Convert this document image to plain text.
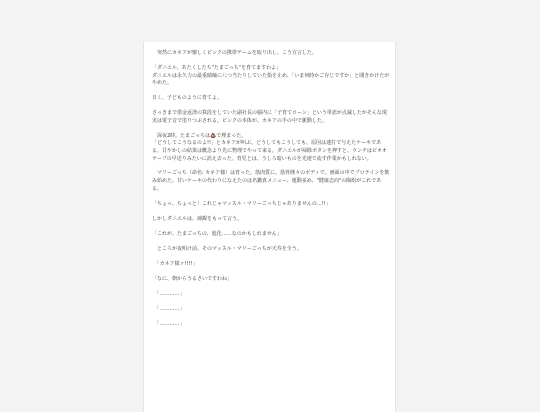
　突然にカネアが懐しくピンクの携帯ゲームを取り出し、こう宣言した。

「ダニエル、あたくしたち"たまごっち"を育てますわよ」
ダニエルは永久力の最重睛瞳に八つ当たりしていた指を止め、「いま何時かご存じですか」と聞きかけたがやめた。

日く、子どものように育てよ。

さっきまで借金返済の算段をしていた副社長の脳内に「子育てローン」という単語が点滅したがそんな現実は電子音で塗りつぶされる。ピンクの本体が、カネアの手の中で脈動した。

　深夜2時。たまごっちは💩で埋まった。
「どうしてこうなるのよ!!」とカネアが叫ぶ。どうしてもこうしても、原因は連打で与えたケーキである。甘やかしの結果は概念より先に物理でやって来る。ダニエルが掃除ボタンを押すと、ウンチはピオオテープの早送りみたいに消え去った。育児とは、うしろ暗いものを光速で流す作業かもしれない。

　マリーごっち（命名: カネア様）は育った。筋肉質に。筋骨隆々のボディで、画面の中でプロテインを飲み始めた。甘いケーキの代わりになえたのは名鑑責メニュー、運動多め、"健康志向"の陽組がこれである。

「ちょっ、ちょっと！これじゃマッスル・マリーごっちじゃありませんの…!!」

しかしダニエルは、諦観をもって言う。

「これが、たまごっちの、進化……なのかもしれません」

　ところが夜明け前、そのマッスル・マリーごっちが天寿を全う。

　「カネア様ァ!!!!」

「なに、朝からうるさいですわね」

　「…………」

　「…………」

　「…………」
